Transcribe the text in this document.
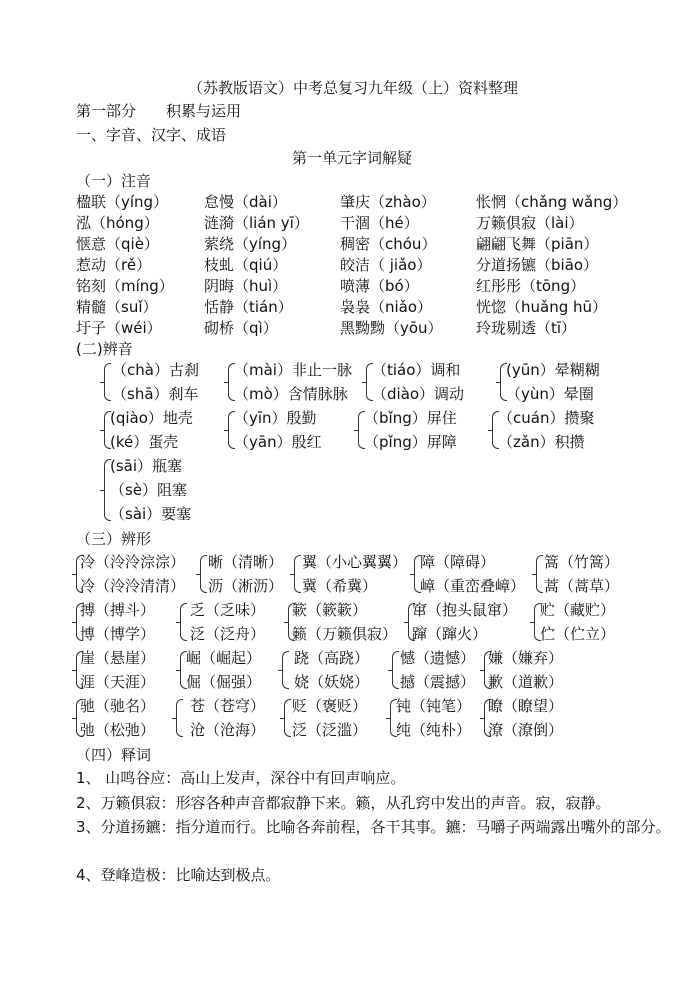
（苏教版语文）中考总复习九年级（上）资料整理
第一部分　　积累与运用
一、字音、汉字、成语
第一单元字词解疑
（一）注音
楹联（yíng） 怠慢（dài）	肇庆（zhào）	怅惘（chǎng wǎng）
泓（hóng）	涟漪（lián yī） 干涸（hé）	万籁俱寂（lài）
惬意（qiè）	萦绕（yíng）	稠密（chóu）	翩翩飞舞（piān）
惹动（rě）	枝虬（qiú）	皎洁（ jiǎo）	分道扬镳（biāo）
铭刻（míng） 阴晦（huì）	喷薄（bó）	红彤彤（tōng）
精髓（suǐ）	恬静（tián）	袅袅（niǎo）	恍惚（huǎng hū）
圩子（wéi）	砌桥（qì）	黑黝黝（yōu） 玲珑剔透（tī）
(二)辨音
（chà）古刹
（shā）刹车
（mài）非止一脉
（mò）含情脉脉
（tiáo）调和
（diào）调动
(yūn）晕糊糊
（yùn）晕圈
(qiào）地壳
(ké）蛋壳
（yīn）殷勤
（yān）殷红
（bǐng）屏住
（pǐng）屏障
（cuán）攒聚
（zǎn）积攒
(sāi）瓶塞
（sè）阻塞
（sài）要塞
（三）辨形
泠（泠泠淙淙）
冷（泠泠清清）
晰（清晰）
沥（淅沥）
翼（小心翼翼）
冀（希冀）
障（障碍）
嶂（重峦叠嶂）
篙（竹篙）
蒿（蒿草）
搏（搏斗）
博（博学）
乏（乏味）
泛（泛舟）
簌（簌簌）
籁（万籁俱寂）
窜（抱头鼠窜）
蹿（蹿火）
贮（藏贮）
伫（伫立）
崖（悬崖）
涯（天涯）
崛（崛起）
倔（倔强）
跷（高跷）
娆（妖娆）
憾（遗憾）
撼（震撼）
嫌（嫌弃）
歉（道歉）
驰（驰名）
弛（松弛）
苍（苍穹）
沧（沧海）
贬（褒贬）
泛（泛滥）
钝（钝笔）
纯（纯朴）
瞭（瞭望）
潦（潦倒）
（四）释词
1、 山鸣谷应：高山上发声，深谷中有回声响应。
2、万籁俱寂：形容各种声音都寂静下来。籁，从孔窍中发出的声音。寂，寂静。
3、分道扬鑣：指分道而行。比喻各奔前程，各干其事。鑣：马嚼子两端露出嘴外的部分。
4、登峰造极：比喻达到极点。
